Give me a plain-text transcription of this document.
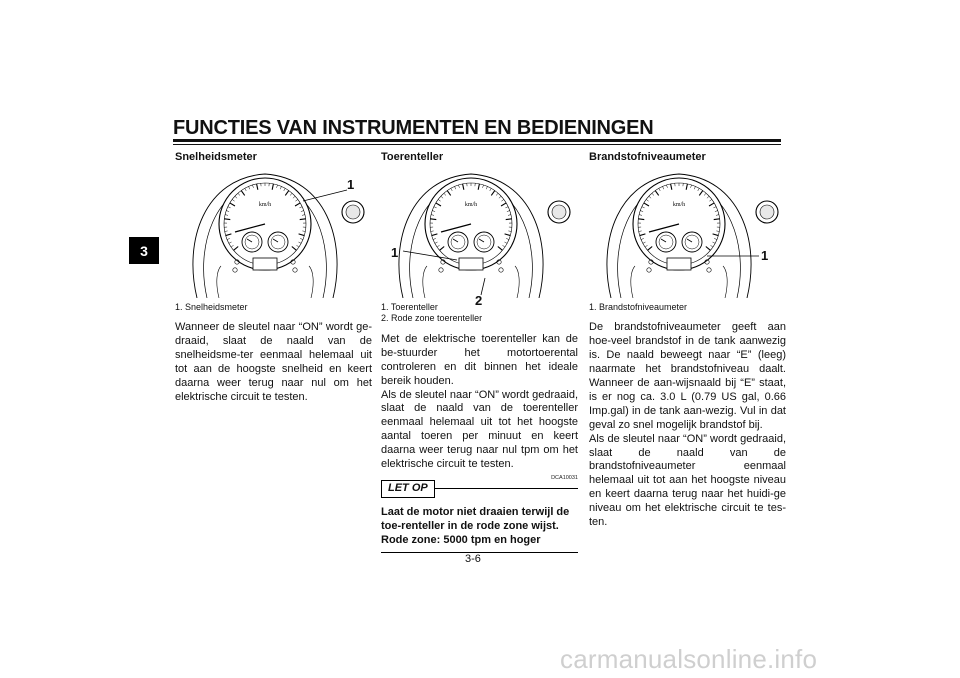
FUNCTIES VAN INSTRUMENTEN EN BEDIENINGEN
3
Snelheidsmeter
km/h
1
1. Snelheidsmeter

Wanneer de sleutel naar “ON” wordt ge-draaid, slaat de naald van de snelheidsme-ter eenmaal helemaal uit tot aan de hoogste snelheid en keert daarna weer terug naar nul om het elektrische circuit te testen.

Toerenteller
km/h
1
2
1. Toerenteller
2. Rode zone toerenteller

Met de elektrische toerenteller kan de be-stuurder het motortoerental controleren en dit binnen het ideale bereik houden.

Als de sleutel naar “ON” wordt gedraaid, slaat de naald van de toerenteller eenmaal helemaal uit tot het hoogste aantal toeren per minuut en keert daarna weer terug naar nul tpm om het elektrische circuit te testen.

DCA10031
LET OP
Laat de motor niet draaien terwijl de toe-renteller in de rode zone wijst.
Rode zone: 5000 tpm en hoger
Brandstofniveaumeter
km/h
1
1. Brandstofniveaumeter

De brandstofniveaumeter geeft aan hoe-veel brandstof in de tank aanwezig is. De naald beweegt naar “E” (leeg) naarmate het brandstofniveau daalt. Wanneer de aan-wijsnaald bij “E” staat, is er nog ca. 3.0 L (0.79 US gal, 0.66 Imp.gal) in de tank aan-wezig. Vul in dat geval zo snel mogelijk brandstof bij.

Als de sleutel naar “ON” wordt gedraaid, slaat de naald van de brandstofniveaumeter eenmaal helemaal uit tot aan het hoogste niveau en keert daarna terug naar het huidi-ge niveau om het elektrische circuit te tes-ten.

3-6
carmanualsonline.info
